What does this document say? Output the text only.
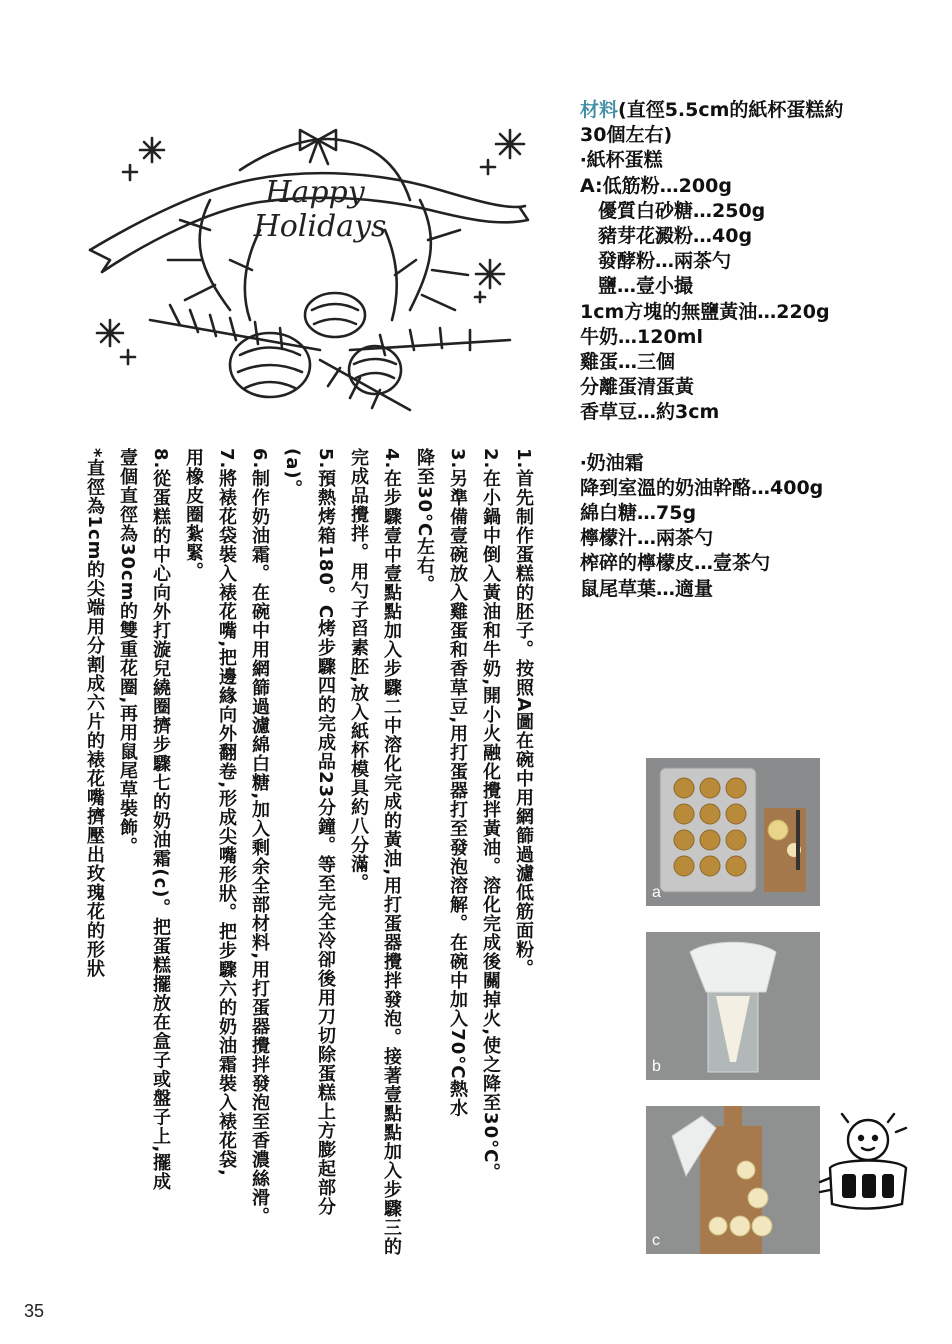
Happy
Holidays
材料(直徑5.5cm的紙杯蛋糕約
30個左右)
‧紙杯蛋糕
A:低筋粉…200g
優質白砂糖…250g
豬芽花澱粉…40g
發酵粉…兩茶勺
鹽…壹小撮
1cm方塊的無鹽黃油…220g
牛奶…120ml
雞蛋…三個
分離蛋清蛋黃
香草豆…約3cm
‧奶油霜
降到室溫的奶油幹酪…400g
綿白糖…75g
檸檬汁…兩茶勺
榨碎的檸檬皮…壹茶勺
鼠尾草葉…適量
1.首先制作蛋糕的胚子。按照A圖在碗中用網篩過濾低筋面粉。
2.在小鍋中倒入黃油和牛奶,開小火融化攪拌黃油。溶化完成後關掉火,使之降至30°C。
3.另準備壹碗放入雞蛋和香草豆,用打蛋器打至發泡溶解。在碗中加入70°C熱水
降至30°C左右。
4.在步驟壹中壹點點加入步驟二中溶化完成的黃油,用打蛋器攪拌發泡。接著壹點點加入步驟三的
完成品攪拌。用勺子舀素胚,放入紙杯模具約八分滿。
5.預熱烤箱180。C烤步驟四的完成品23分鐘。等至完全冷卻後用刀切除蛋糕上方膨起部分
(a)。
6.制作奶油霜。在碗中用網篩過濾綿白糖,加入剩余全部材料,用打蛋器攪拌發泡至香濃絲滑。
7.將裱花袋裝入裱花嘴,把邊緣向外翻卷,形成尖嘴形狀。把步驟六的奶油霜裝入裱花袋,
用橡皮圈紮緊。
8.從蛋糕的中心向外打漩兒繞圈擠步驟七的奶油霜(c)。把蛋糕擺放在盒子或盤子上,擺成
壹個直徑為30cm的雙重花圈,再用鼠尾草裝飾。
*直徑為1cm的尖端用分割成六片的裱花嘴擠壓出玫瑰花的形狀	a
b
c
35
